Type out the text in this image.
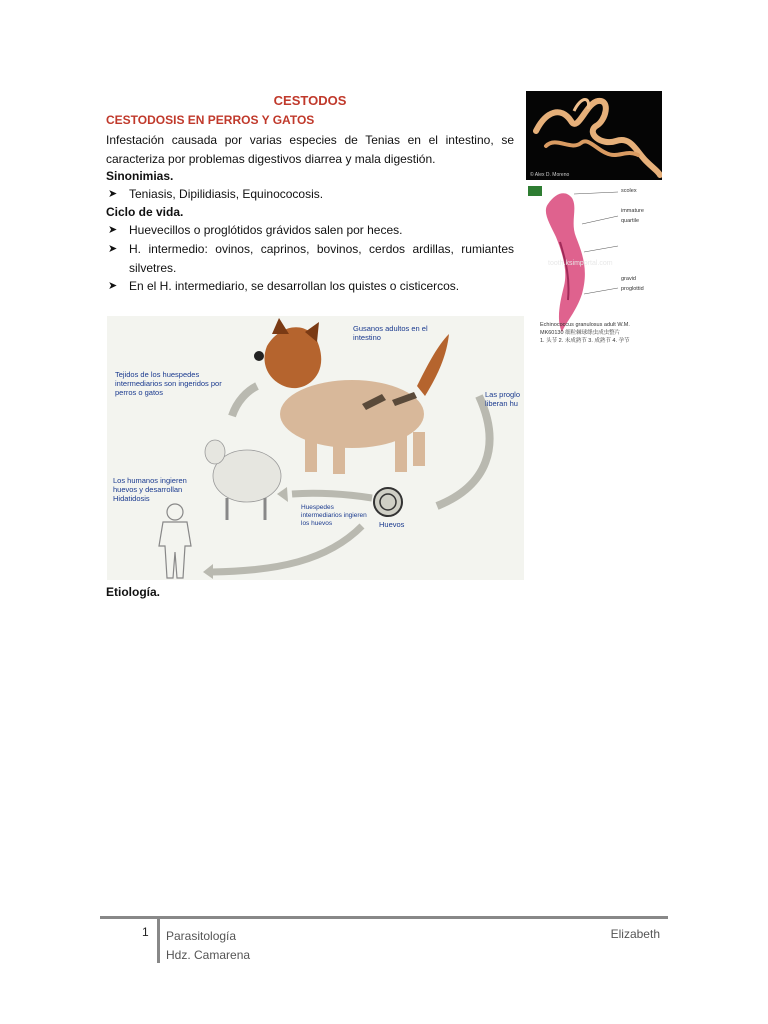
CESTODOS
CESTODOSIS EN PERROS Y GATOS
Infestación causada por varias especies de Tenias en el intestino, se caracteriza por problemas digestivos diarrea y mala digestión.
Sinonimias.
➤ Teniasis, Dipilidiasis, Equinococosis.
Ciclo de vida.
➤ Huevecillos o proglótidos grávidos salen por heces.
➤ H. intermedio: ovinos, caprinos, bovinos, cerdos ardillas, rumiantes silvetres.
➤ En el H. intermediario, se desarrollan los quistes o cisticercos.
© Alex D. Moreno
scolex
immature
quartile
gravid
proglottid
tooth.ksimportal.com
Echinococcus granulosus adult W.M.
MK60130 细粒棘球绦虫成虫整片
1. 头节 2. 未成熟节 3. 成熟节 4. 孕节
Gusanos adultos en el intestino
Tejidos de los huespedes intermediarios son ingeridos por perros o gatos	Las proglo liberan hu
Los humanos ingieren huevos y desarrollan Hidatidosis
Huespedes intermediarios ingieren los huevos	Huevos
Etiología.
1 Parasitología
Hdz. Camarena
Elizabeth
